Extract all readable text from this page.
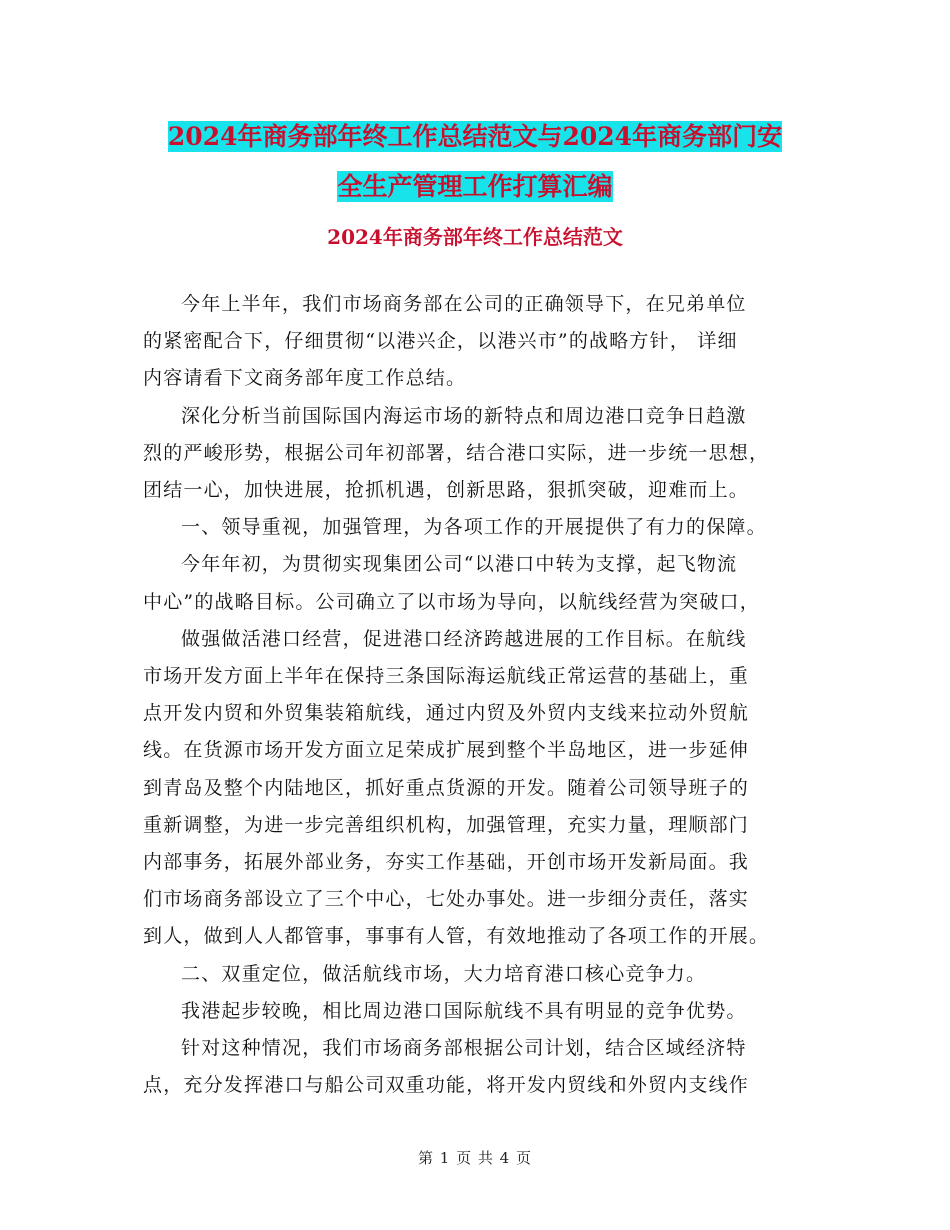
2024年商务部年终工作总结范文与2024年商务部门安
全生产管理工作打算汇编
2024年商务部年终工作总结范文

今年上半年，我们市场商务部在公司的正确领导下，在兄弟单位

的紧密配合下，仔细贯彻“以港兴企，以港兴市”的战略方针， 详细

内容请看下文商务部年度工作总结。

深化分析当前国际国内海运市场的新特点和周边港口竞争日趋激

烈的严峻形势，根据公司年初部署，结合港口实际，进一步统一思想，

团结一心，加快进展，抢抓机遇，创新思路，狠抓突破，迎难而上。

一、领导重视，加强管理，为各项工作的开展提供了有力的保障。

今年年初，为贯彻实现集团公司“以港口中转为支撑，起飞物流

中心”的战略目标。公司确立了以市场为导向，以航线经营为突破口，

做强做活港口经营，促进港口经济跨越进展的工作目标。在航线

市场开发方面上半年在保持三条国际海运航线正常运营的基础上，重

点开发内贸和外贸集装箱航线，通过内贸及外贸内支线来拉动外贸航

线。在货源市场开发方面立足荣成扩展到整个半岛地区，进一步延伸

到青岛及整个内陆地区，抓好重点货源的开发。随着公司领导班子的

重新调整，为进一步完善组织机构，加强管理，充实力量，理顺部门

内部事务，拓展外部业务，夯实工作基础，开创市场开发新局面。我

们市场商务部设立了三个中心，七处办事处。进一步细分责任，落实

到人，做到人人都管事，事事有人管，有效地推动了各项工作的开展。

二、双重定位，做活航线市场，大力培育港口核心竞争力。

我港起步较晚，相比周边港口国际航线不具有明显的竞争优势。

针对这种情况，我们市场商务部根据公司计划，结合区域经济特

点，充分发挥港口与船公司双重功能，将开发内贸线和外贸内支线作

第 1 页 共 4 页
